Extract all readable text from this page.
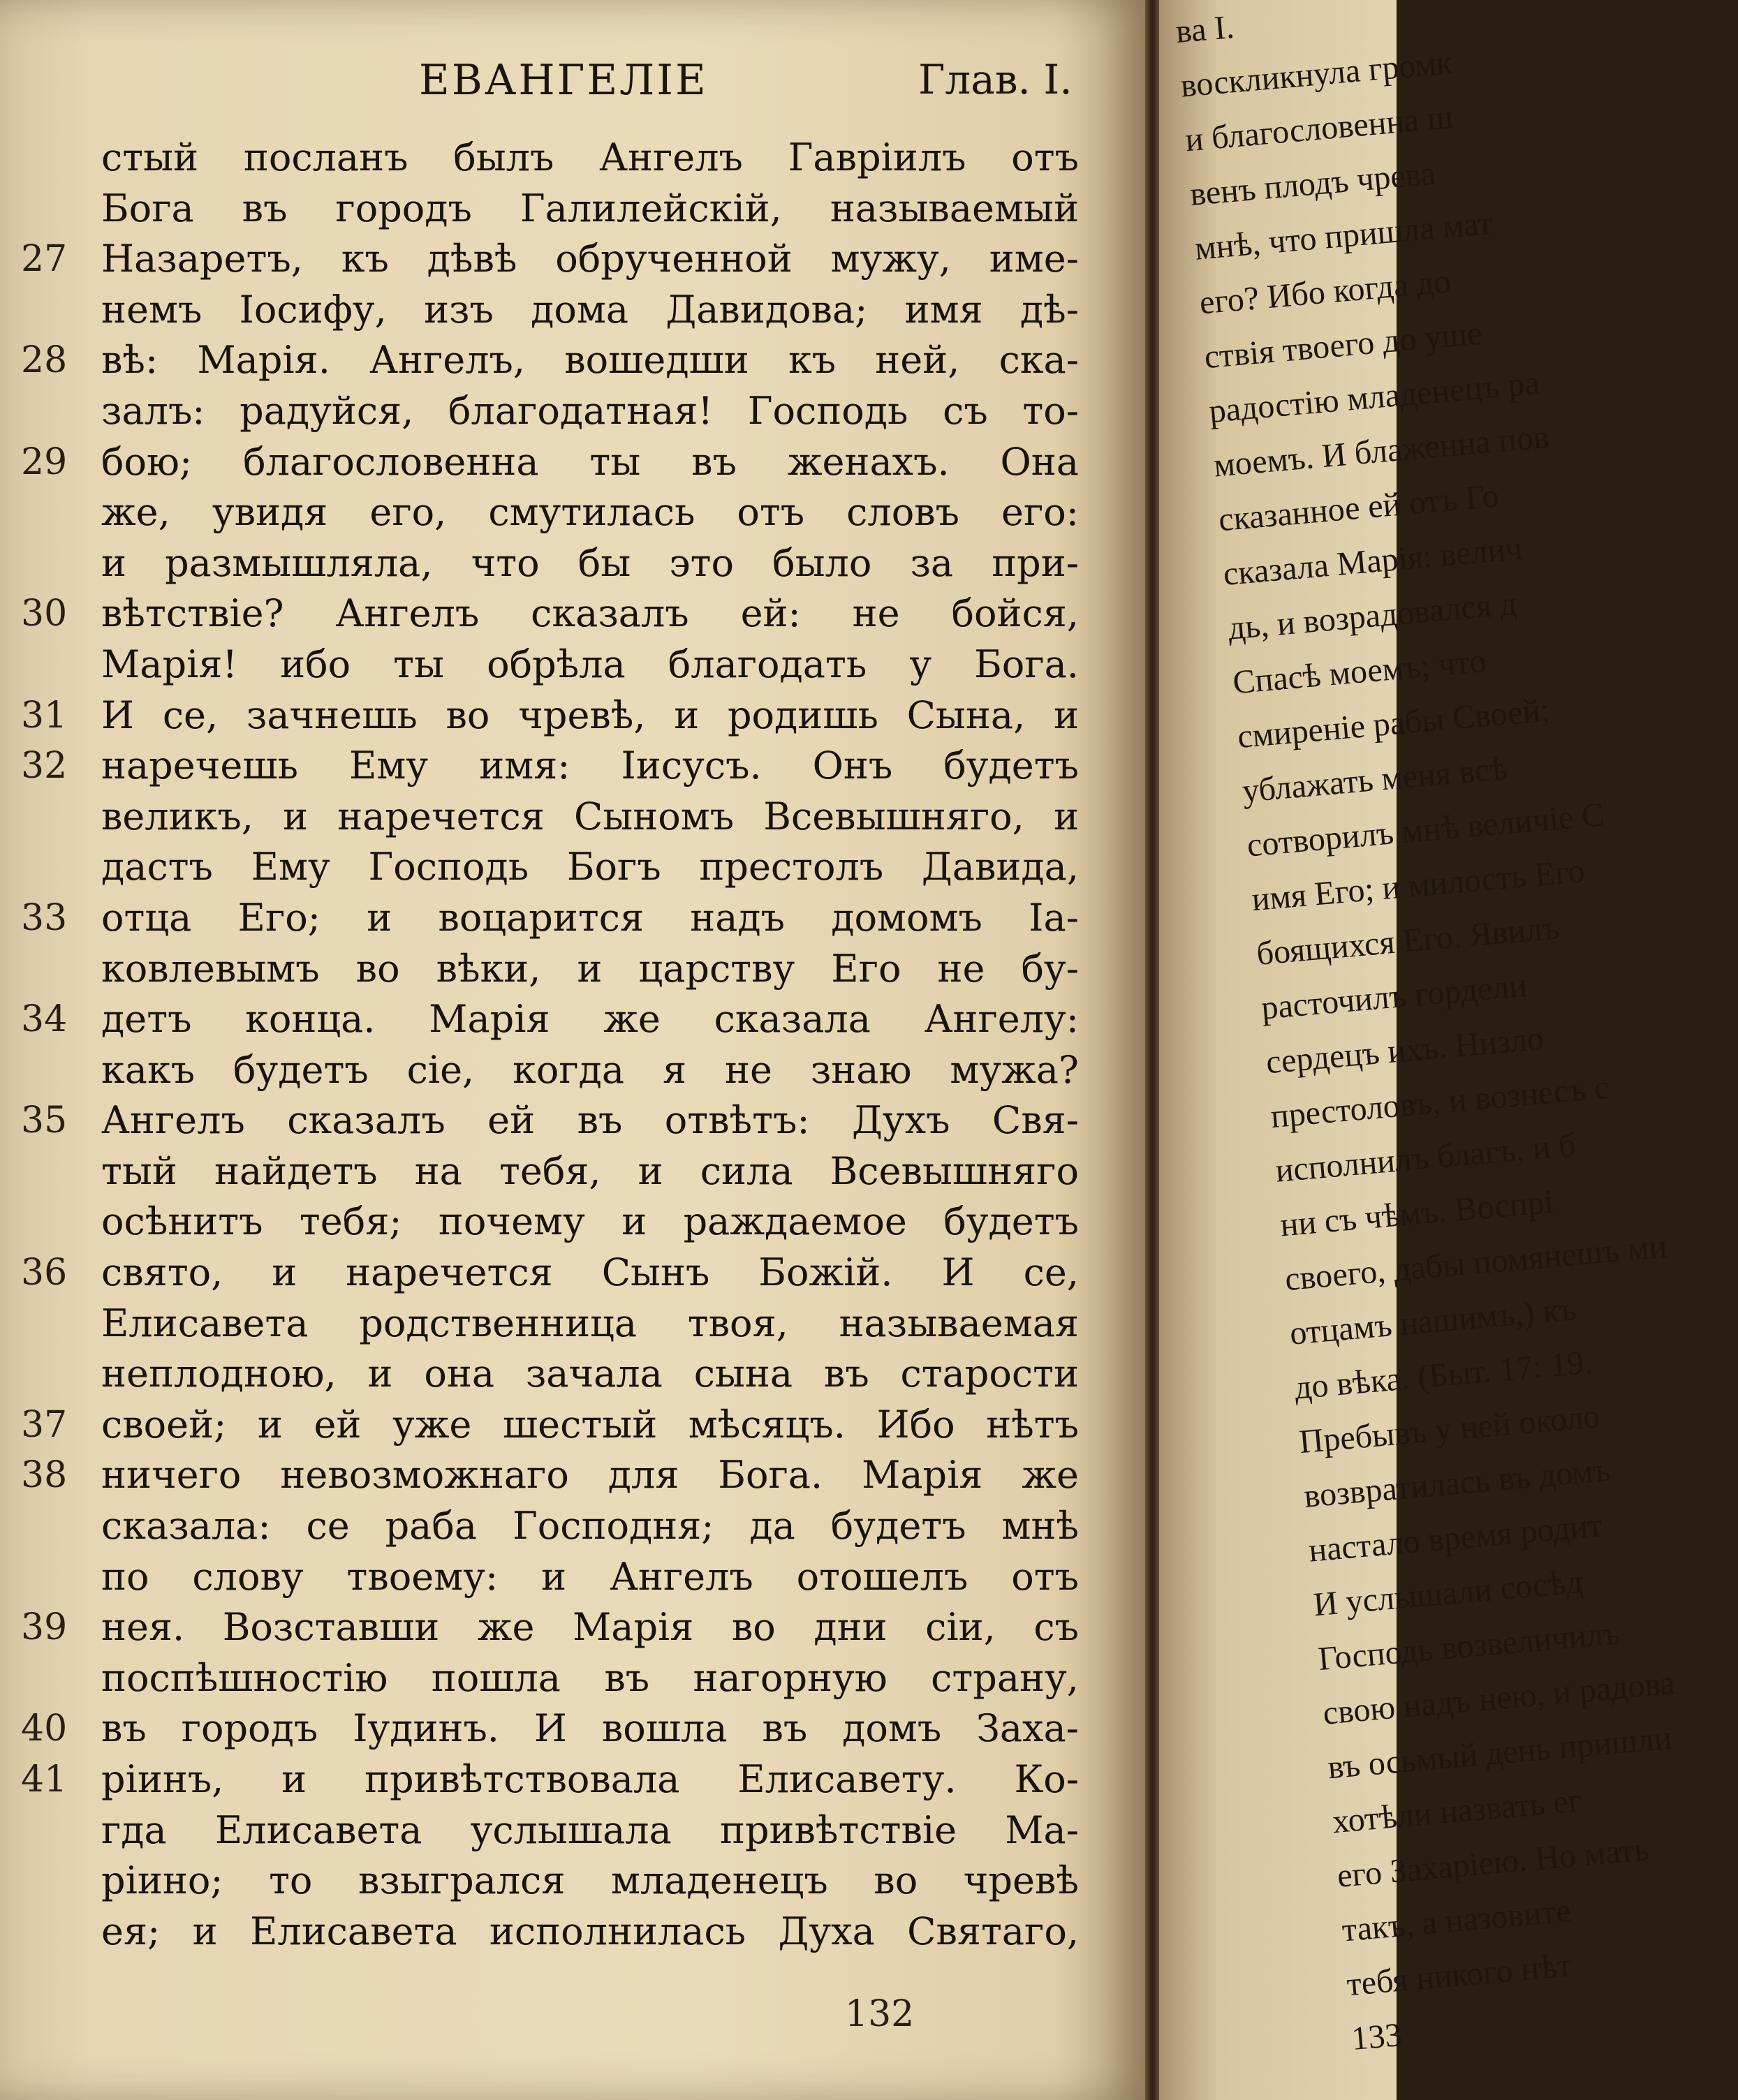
ЕВАНГЕЛІЕ	Глав. I.
стый посланъ былъ Ангелъ Гавріилъ отъ
Бога въ городъ Галилейскій, называемый
27 Назаретъ, къ дѣвѣ обрученной мужу, име-
немъ Іосифу, изъ дома Давидова; имя дѣ-
28 вѣ: Марія. Ангелъ, вошедши къ ней, ска-
залъ: радуйся, благодатная! Господь съ то-
29 бою; благословенна ты въ женахъ. Она
же, увидя его, смутилась отъ словъ его:
и размышляла, что бы это было за при-
30 вѣтствіе? Ангелъ сказалъ ей: не бойся,
Марія! ибо ты обрѣла благодать у Бога.
31 И се, зачнешь во чревѣ, и родишь Сына, и
32 наречешь Ему имя: Іисусъ. Онъ будетъ
великъ, и наречется Сыномъ Всевышняго, и
дастъ Ему Господь Богъ престолъ Давида,
33 отца Его; и воцарится надъ домомъ Іа-
ковлевымъ во вѣки, и царству Его не бу-
34 детъ конца. Марія же сказала Ангелу:
какъ будетъ сіе, когда я не знаю мужа?
35 Ангелъ сказалъ ей въ отвѣтъ: Духъ Свя-
тый найдетъ на тебя, и сила Всевышняго
осѣнитъ тебя; почему и раждаемое будетъ
36 свято, и наречется Сынъ Божій. И се,
Елисавета родственница твоя, называемая
неплодною, и она зачала сына въ старости
37 своей; и ей уже шестый мѣсяцъ. Ибо нѣтъ
38 ничего невозможнаго для Бога. Марія же
сказала: се раба Господня; да будетъ мнѣ
по слову твоему: и Ангелъ отошелъ отъ
39 нея. Возставши же Марія во дни сіи, съ
поспѣшностію пошла въ нагорную страну,
40 въ городъ Іудинъ. И вошла въ домъ Заха-
41 ріинъ, и привѣтствовала Елисавету. Ко-
гда Елисавета услышала привѣтствіе Ма-
ріино; то взыгрался младенецъ во чревѣ
ея; и Елисавета исполнилась Духа Святаго,
132
ва I.
воскликнула громк
и благословенна ш
венъ плодъ чрева
мнѣ, что пришла мат
его? Ибо когда до
ствія твоего до уше
радостію младенецъ ра
моемъ. И блаженна пов
сказанное ей отъ Го
сказала Марія: велич
дь, и возрадовался д
Спасѣ моемъ; что
смиреніе рабы Своей;
ублажать меня всѣ
сотворилъ мнѣ величіе С
имя Его; и милость Его
боящихся Его. Явилъ
расточилъ гордели
сердецъ ихъ. Низло
престоловъ, и вознесъ с
исполнилъ благъ, и б
ни съ чѣмъ. Воспрі
своего, дабы помянешъ ми
отцамъ нашимъ,) къ
до вѣка. (Быт. 17: 19.
Пребывъ у ней около
возвратилась въ домъ
настало время родит
И услышали сосѣд
Господь возвеличилъ
свою надъ нею, и радова
въ осьмый день пришли
хотѣли назвать ег
его Захаріею. Но мать
такъ, а назовите
тебя никого нѣт
133
